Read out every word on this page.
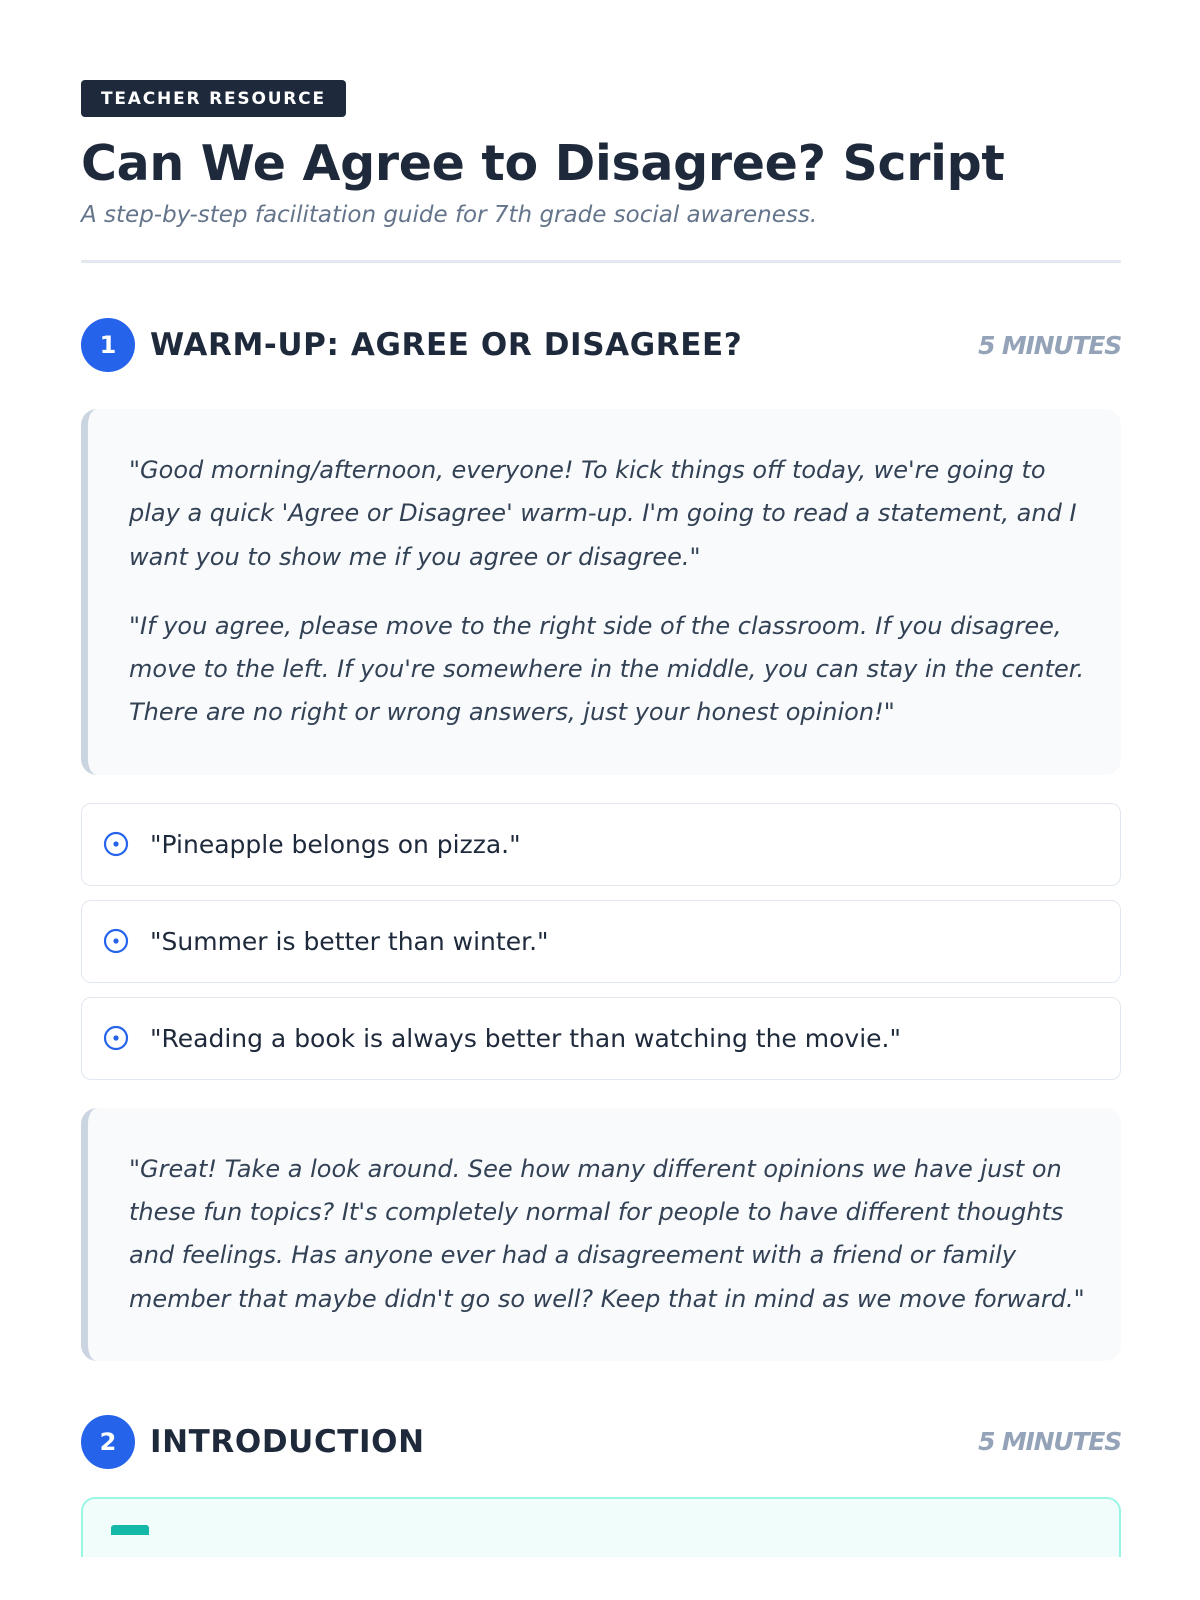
TEACHER RESOURCE
Can We Agree to Disagree? Script
A step-by-step facilitation guide for 7th grade social awareness.
1	WARM-UP: AGREE OR DISAGREE?	5 MINUTES

"Good morning/afternoon, everyone! To kick things off today, we're going to play a quick 'Agree or Disagree' warm-up. I'm going to read a statement, and I want you to show me if you agree or disagree."

"If you agree, please move to the right side of the classroom. If you disagree, move to the left. If you're somewhere in the middle, you can stay in the center. There are no right or wrong answers, just your honest opinion!"

"Pineapple belongs on pizza."
"Summer is better than winter."
"Reading a book is always better than watching the movie."

"Great! Take a look around. See how many different opinions we have just on these fun topics? It's completely normal for people to have different thoughts and feelings. Has anyone ever had a disagreement with a friend or family member that maybe didn't go so well? Keep that in mind as we move forward."

2	INTRODUCTION	5 MINUTES
